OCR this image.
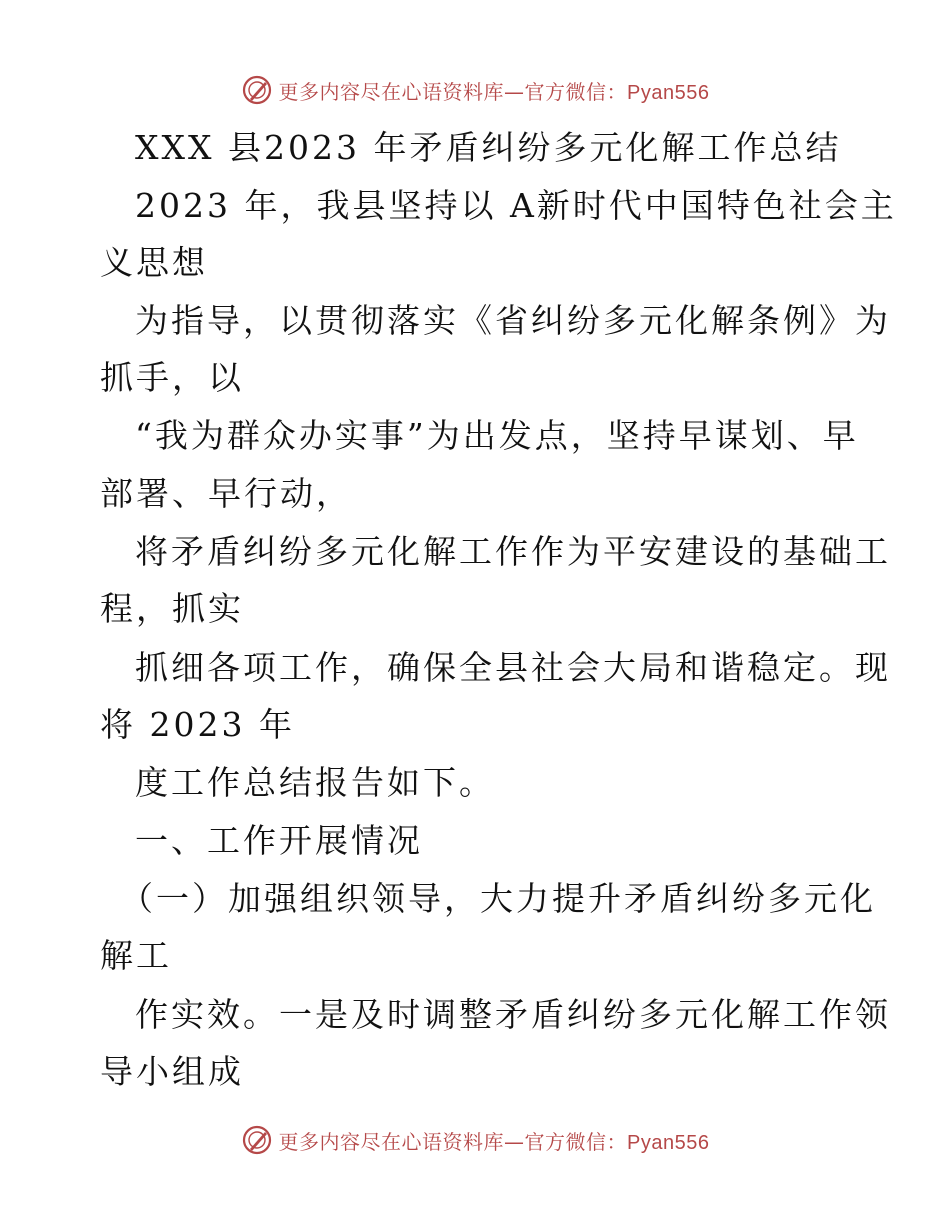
更多内容尽在心语资料库—官方微信：Pyan556
XXX 县2023 年矛盾纠纷多元化解工作总结
2023 年，我县坚持以 A新时代中国特色社会主
义思想
为指导，以贯彻落实《省纠纷多元化解条例》为
抓手，以
“我为群众办实事”为出发点，坚持早谋划、早
部署、早行动，
将矛盾纠纷多元化解工作作为平安建设的基础工
程，抓实
抓细各项工作，确保全县社会大局和谐稳定。现
将 2023 年
度工作总结报告如下。
一、工作开展情况
（一）加强组织领导，大力提升矛盾纠纷多元化
解工
作实效。一是及时调整矛盾纠纷多元化解工作领
导小组成
更多内容尽在心语资料库—官方微信：Pyan556
